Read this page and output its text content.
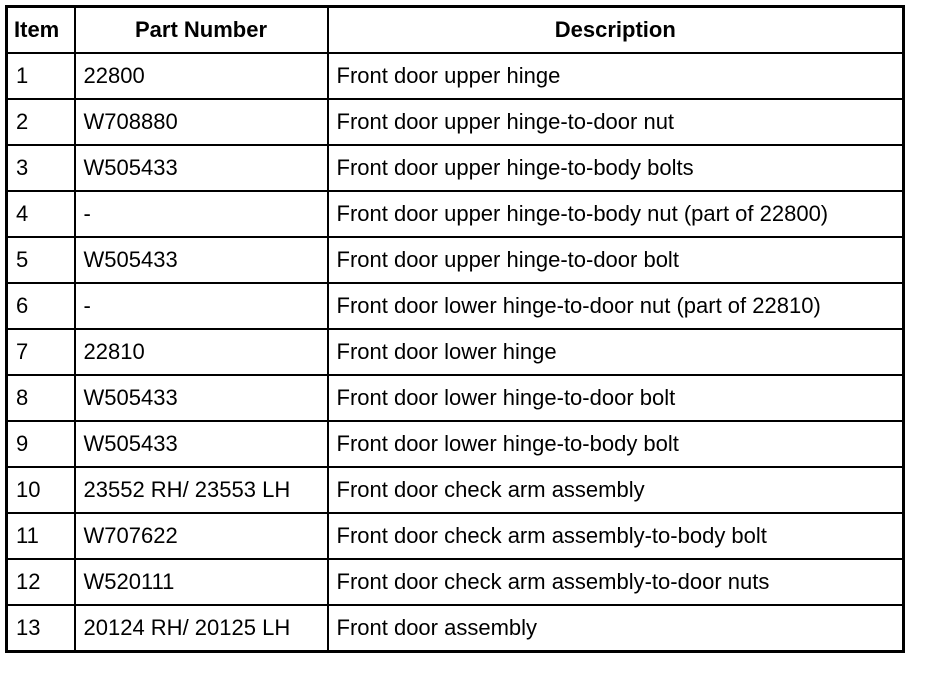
Item	Part Number	Description
1	22800	Front door upper hinge
2	W708880	Front door upper hinge-to-door nut
3	W505433	Front door upper hinge-to-body bolts
4	-	Front door upper hinge-to-body nut (part of 22800)
5	W505433	Front door upper hinge-to-door bolt
6	-	Front door lower hinge-to-door nut (part of 22810)
7	22810	Front door lower hinge
8	W505433	Front door lower hinge-to-door bolt
9	W505433	Front door lower hinge-to-body bolt
10	23552 RH/ 23553 LH	Front door check arm assembly
11	W707622	Front door check arm assembly-to-body bolt
12	W520111	Front door check arm assembly-to-door nuts
13	20124 RH/ 20125 LH	Front door assembly
